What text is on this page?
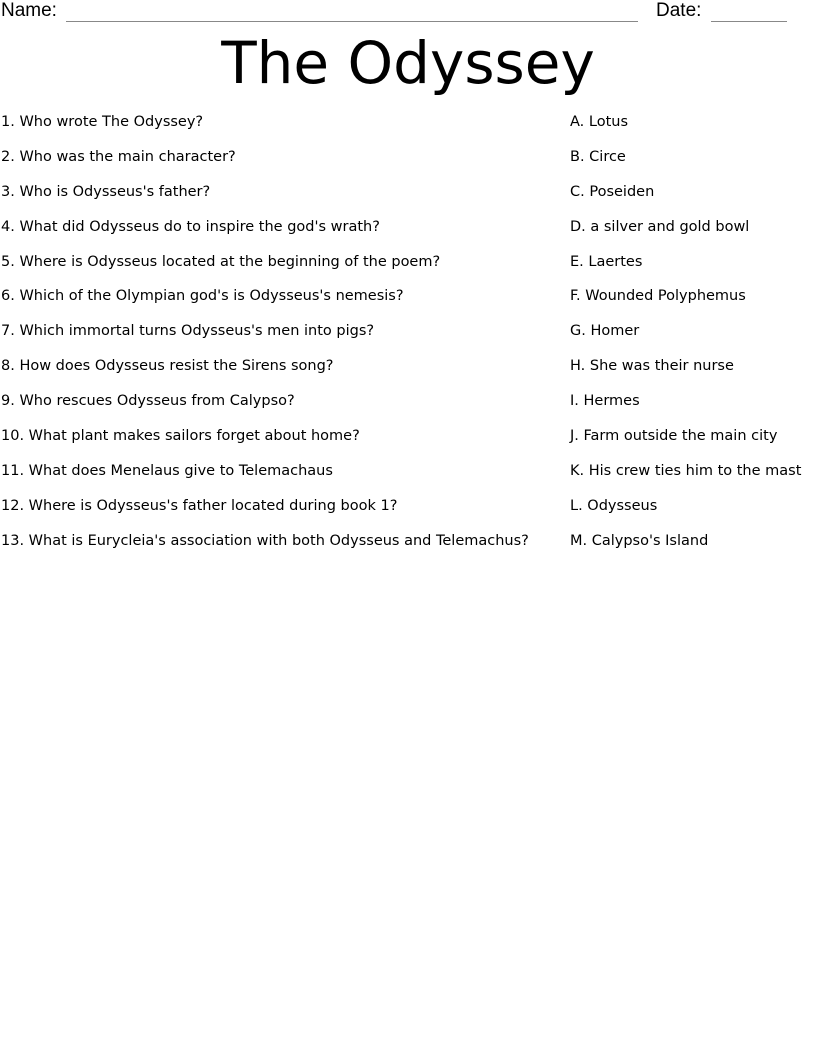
Name:	Date:
The Odyssey
1. Who wrote The Odyssey?
2. Who was the main character?
3. Who is Odysseus's father?
4. What did Odysseus do to inspire the god's wrath?
5. Where is Odysseus located at the beginning of the poem?
6. Which of the Olympian god's is Odysseus's nemesis?
7. Which immortal turns Odysseus's men into pigs?
8. How does Odysseus resist the Sirens song?
9. Who rescues Odysseus from Calypso?
10. What plant makes sailors forget about home?
11. What does Menelaus give to Telemachaus
12. Where is Odysseus's father located during book 1?
13. What is Eurycleia's association with both Odysseus and Telemachus?
A. Lotus
B. Circe
C. Poseiden
D. a silver and gold bowl
E. Laertes
F. Wounded Polyphemus
G. Homer
H. She was their nurse
I. Hermes
J. Farm outside the main city
K. His crew ties him to the mast
L. Odysseus
M. Calypso's Island
